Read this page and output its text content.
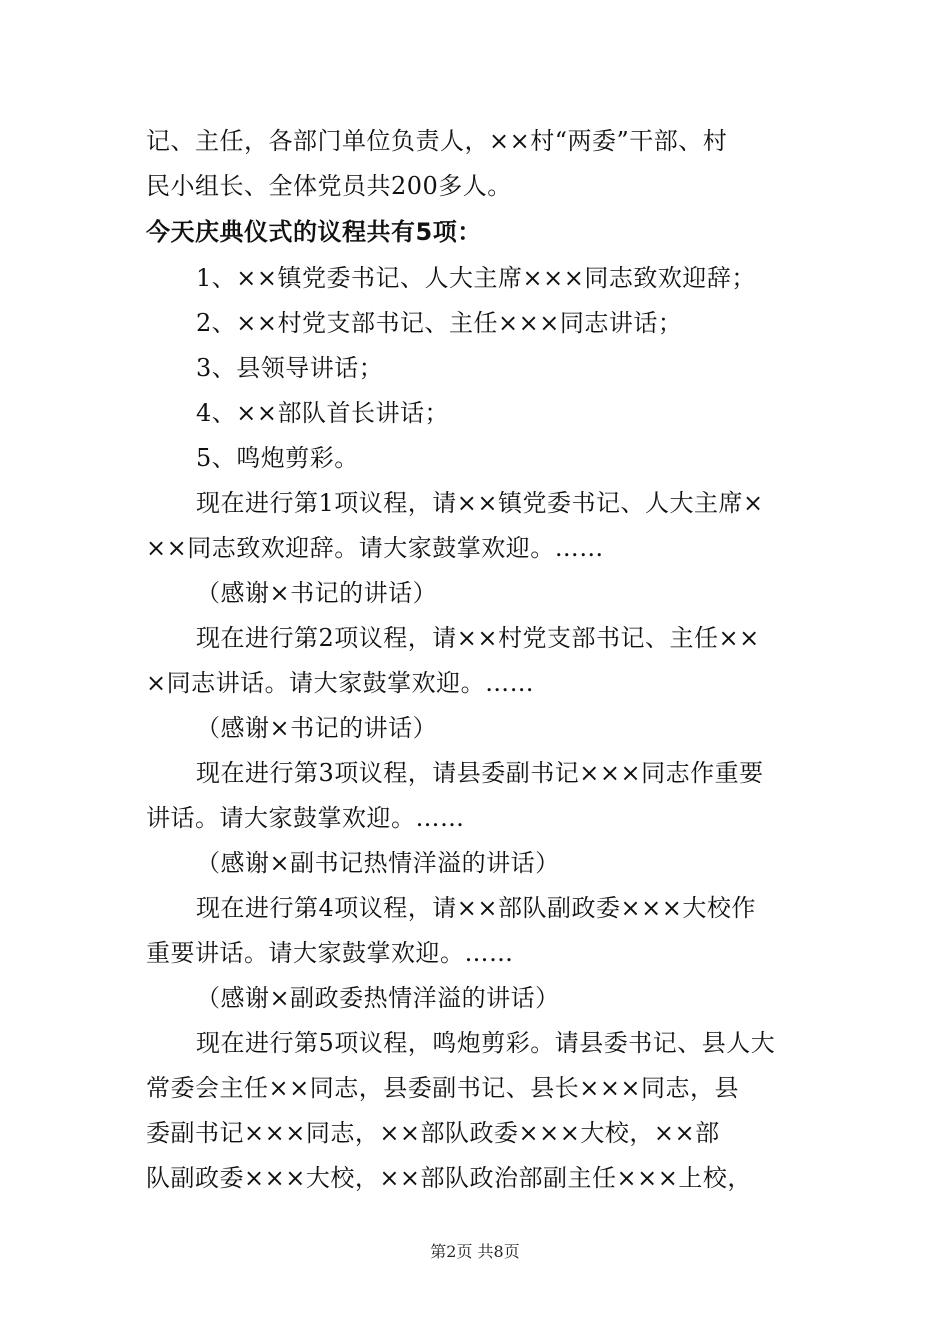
记、主任，各部门单位负责人，××村“两委”干部、村
民小组长、全体党员共200多人。
今天庆典仪式的议程共有5项：
1、××镇党委书记、人大主席×××同志致欢迎辞；
2、××村党支部书记、主任×××同志讲话；
3、县领导讲话；
4、××部队首长讲话；
5、鸣炮剪彩。
现在进行第1项议程，请××镇党委书记、人大主席×
××同志致欢迎辞。请大家鼓掌欢迎。……
（感谢×书记的讲话）
现在进行第2项议程，请××村党支部书记、主任××
×同志讲话。请大家鼓掌欢迎。……
（感谢×书记的讲话）
现在进行第3项议程，请县委副书记×××同志作重要
讲话。请大家鼓掌欢迎。……
（感谢×副书记热情洋溢的讲话）
现在进行第4项议程，请××部队副政委×××大校作
重要讲话。请大家鼓掌欢迎。……
（感谢×副政委热情洋溢的讲话）
现在进行第5项议程，鸣炮剪彩。请县委书记、县人大
常委会主任××同志，县委副书记、县长×××同志，县
委副书记×××同志，××部队政委×××大校，××部
队副政委×××大校，××部队政治部副主任×××上校，
第2页 共8页
